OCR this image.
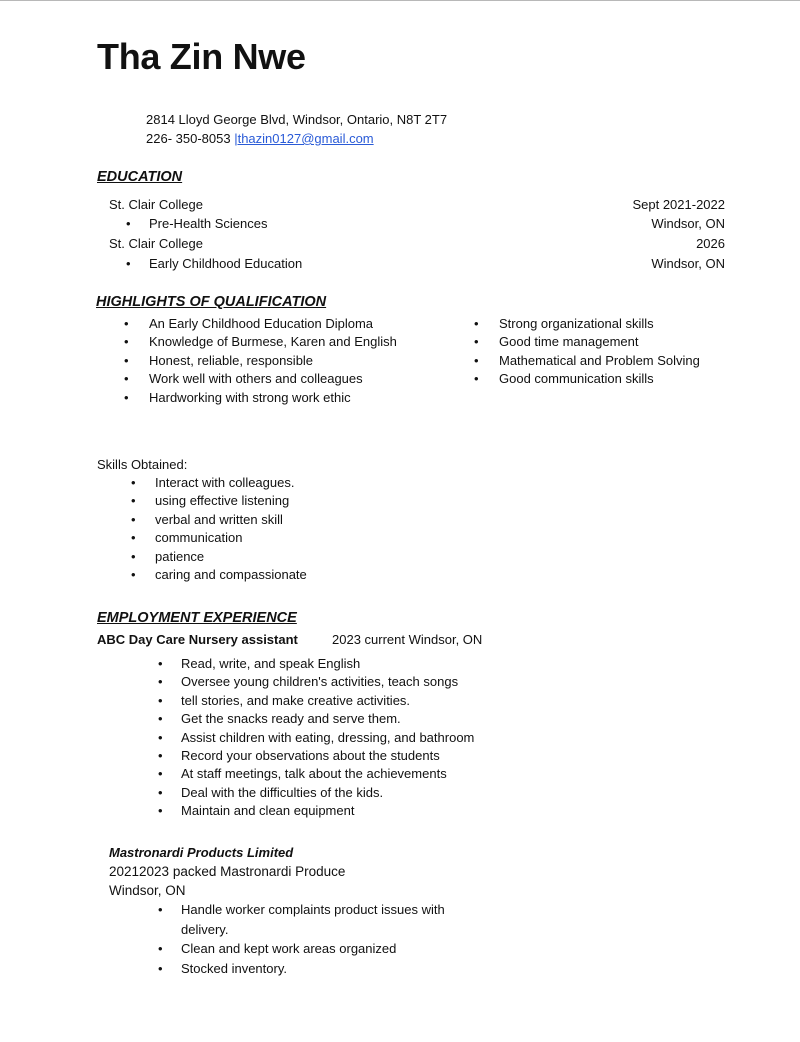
Tha Zin Nwe
2814 Lloyd George Blvd, Windsor, Ontario, N8T 2T7
226- 350-8053 |thazin0127@gmail.com
EDUCATION
St. Clair College	Sept 2021-2022
• Pre-Health Sciences	Windsor, ON
St. Clair College	2026
• Early Childhood Education	Windsor, ON
HIGHLIGHTS OF QUALIFICATION
• An Early Childhood Education Diploma
• Knowledge of Burmese, Karen and English
• Honest, reliable, responsible
• Work well with others and colleagues
• Hardworking with strong work ethic
• Strong organizational skills
• Good time management
• Mathematical and Problem Solving
• Good communication skills
Skills Obtained:
• Interact with colleagues.
• using effective listening
• verbal and written skill
• communication
• patience
• caring and compassionate
EMPLOYMENT EXPERIENCE
ABC Day Care Nursery assistant	2023 current Windsor, ON
• Read, write, and speak English
• Oversee young children's activities, teach songs
• tell stories, and make creative activities.
• Get the snacks ready and serve them.
• Assist children with eating, dressing, and bathroom
• Record your observations about the students
• At staff meetings, talk about the achievements
• Deal with the difficulties of the kids.
• Maintain and clean equipment
Mastronardi Products Limited
20212023 packed Mastronardi Produce
Windsor, ON
• Handle worker complaints product issues with
delivery.
• Clean and kept work areas organized
• Stocked inventory.
